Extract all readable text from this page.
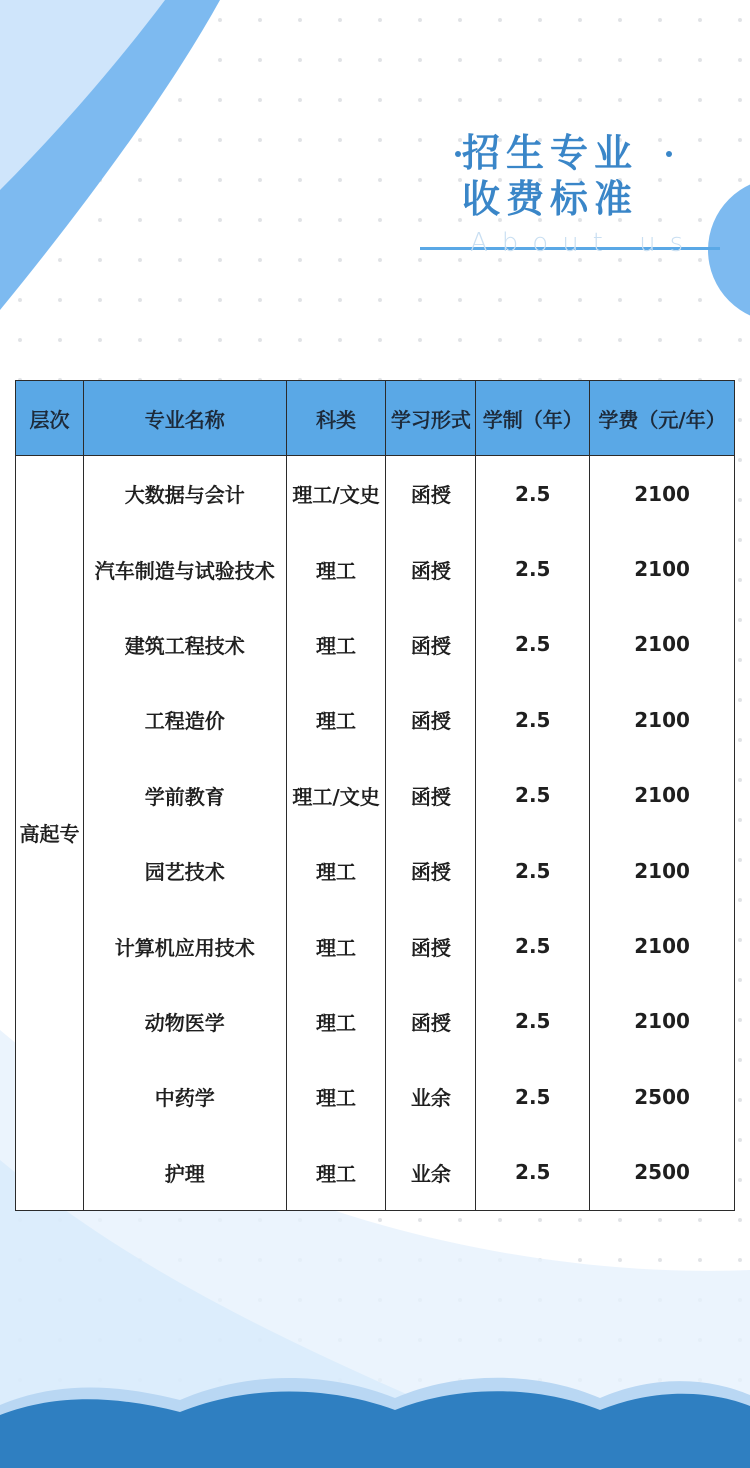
招生专业
收费标准
About us
层次	专业名称	科类	学习形式	学制（年）	学费（元/年）
高起专	大数据与会计	理工/文史	函授	2.5	2100
	汽车制造与试验技术	理工	函授	2.5	2100
	建筑工程技术	理工	函授	2.5	2100
	工程造价	理工	函授	2.5	2100
	学前教育	理工/文史	函授	2.5	2100
	园艺技术	理工	函授	2.5	2100
	计算机应用技术	理工	函授	2.5	2100
	动物医学	理工	函授	2.5	2100
	中药学	理工	业余	2.5	2500
	护理	理工	业余	2.5	2500
